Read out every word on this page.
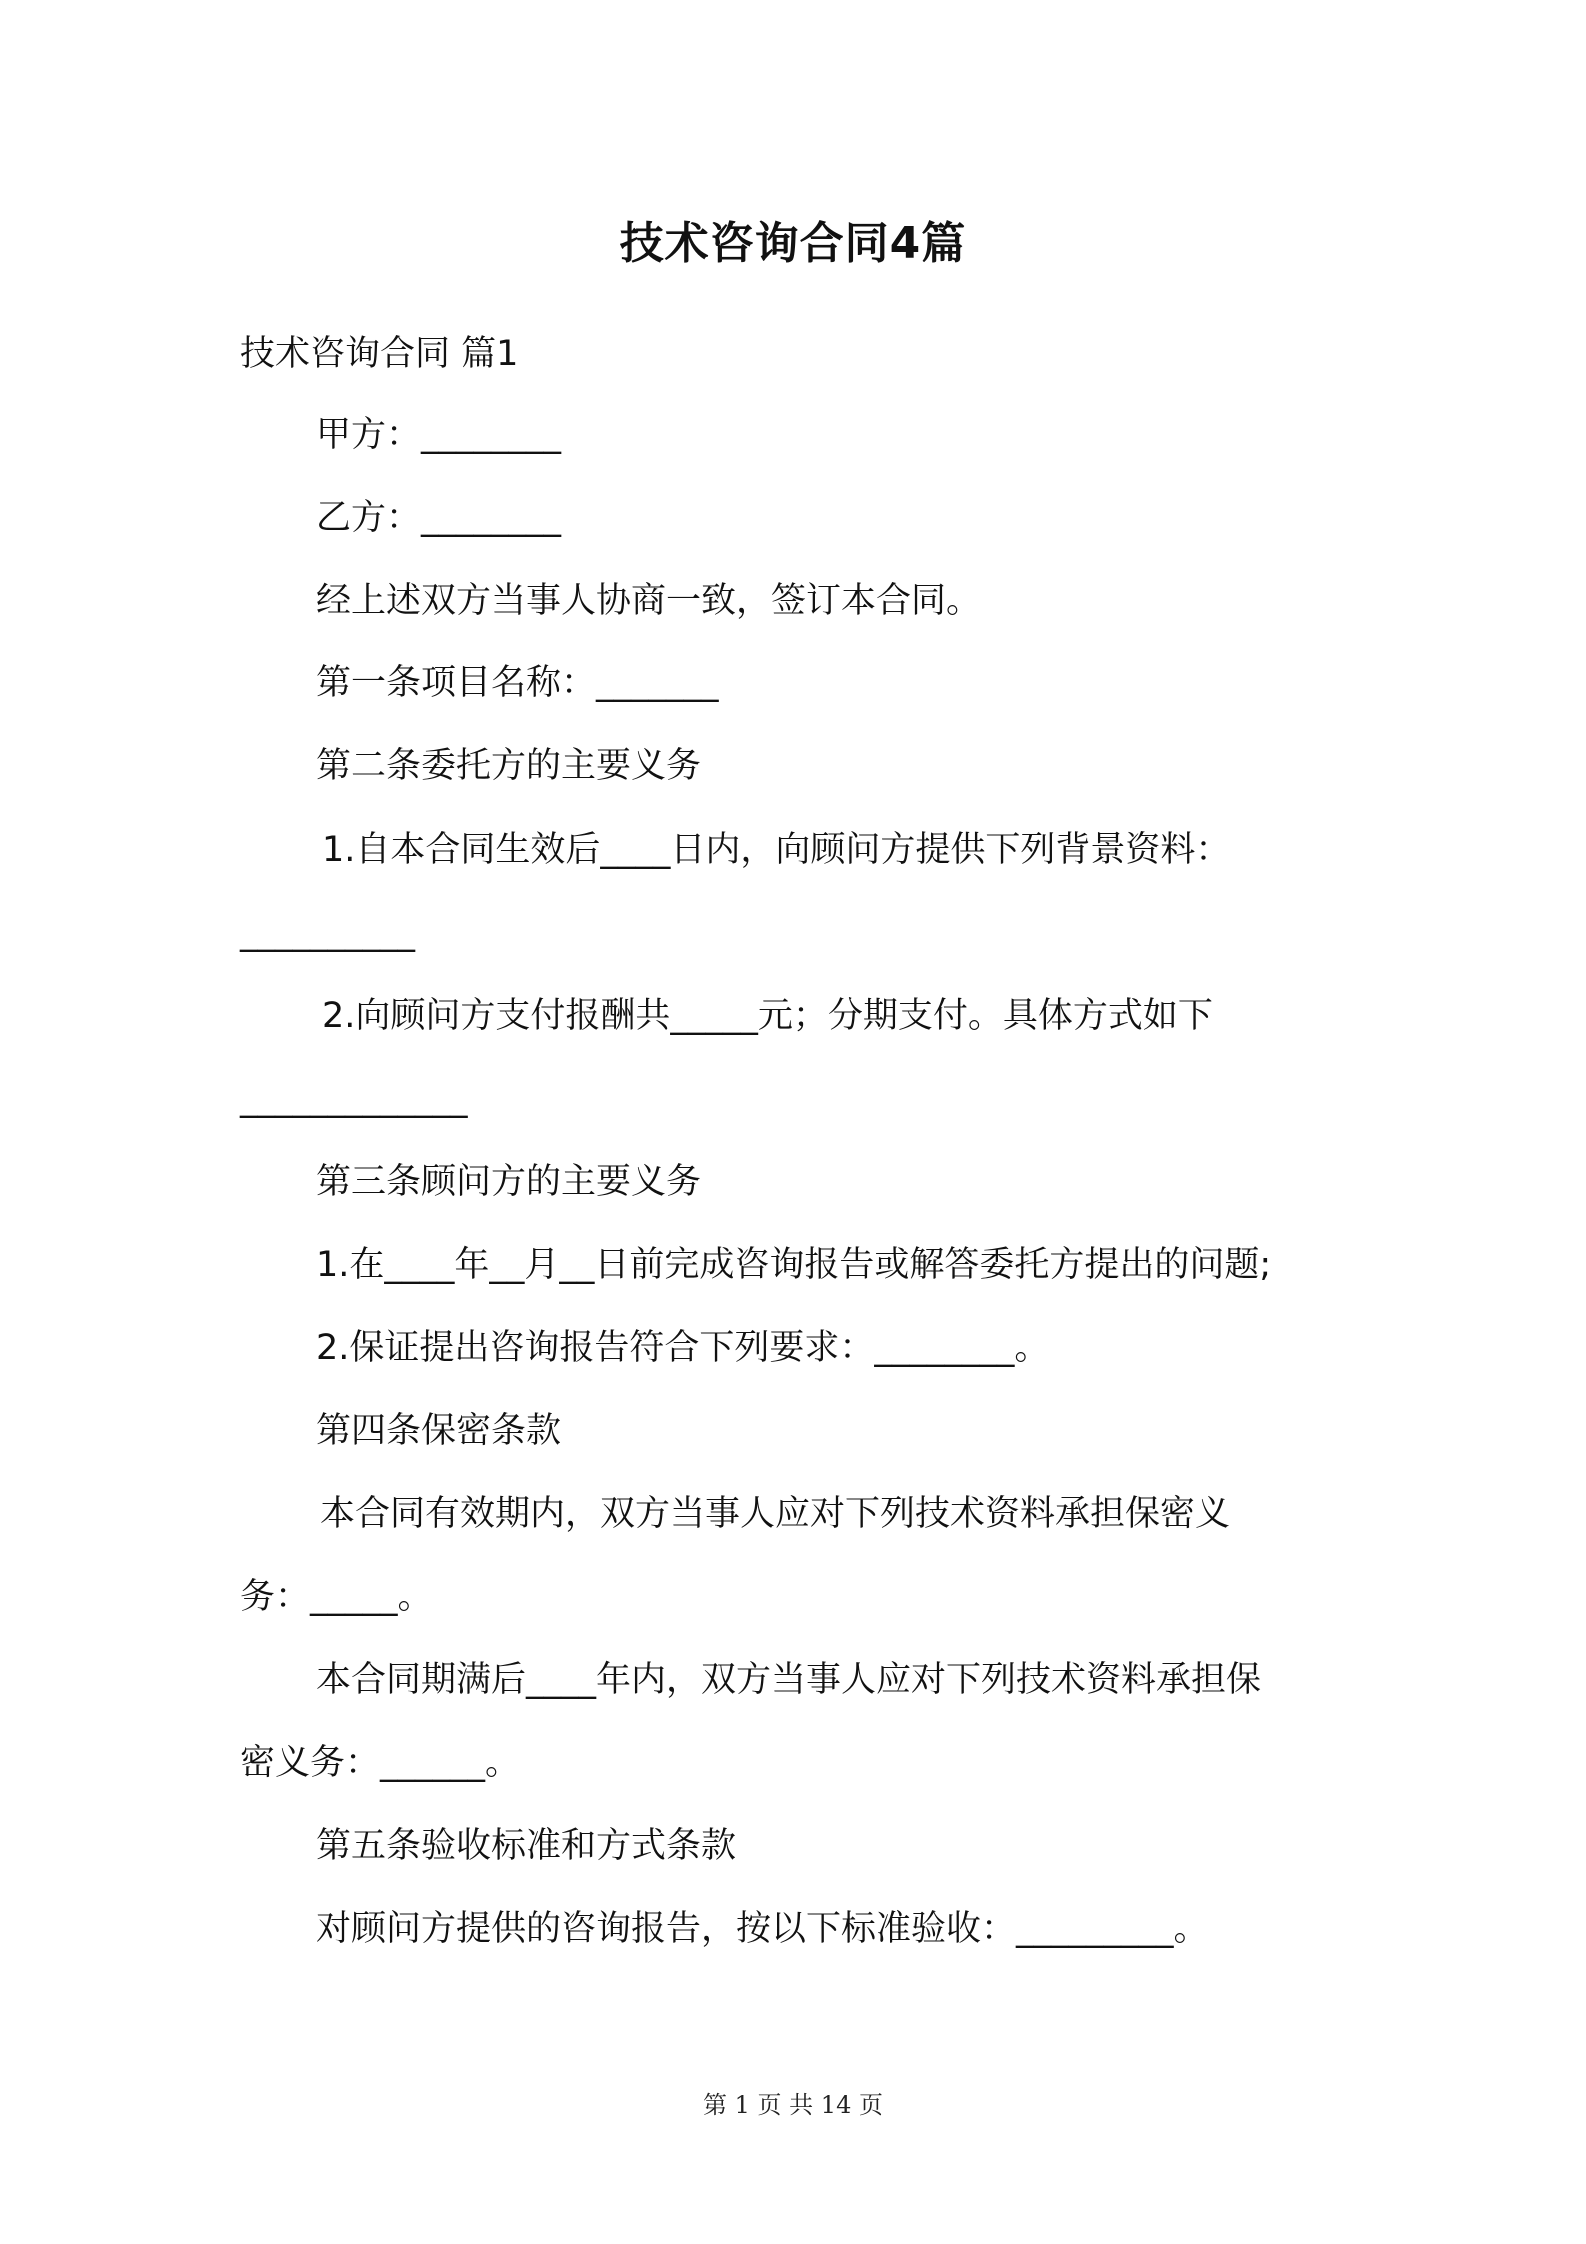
技术咨询合同4篇
技术咨询合同 篇1
甲方：________
乙方：________
经上述双方当事人协商一致，签订本合同。
第一条项目名称：_______
第二条委托方的主要义务
1.自本合同生效后____日内，向顾问方提供下列背景资料：
__________
2.向顾问方支付报酬共_____元；分期支付。具体方式如下
_____________
第三条顾问方的主要义务
1.在____年__月__日前完成咨询报告或解答委托方提出的问题;
2.保证提出咨询报告符合下列要求：________。
第四条保密条款
本合同有效期内，双方当事人应对下列技术资料承担保密义
务：_____。
本合同期满后____年内，双方当事人应对下列技术资料承担保
密义务：______。
第五条验收标准和方式条款
对顾问方提供的咨询报告，按以下标准验收：_________。
第 1 页 共 14 页
